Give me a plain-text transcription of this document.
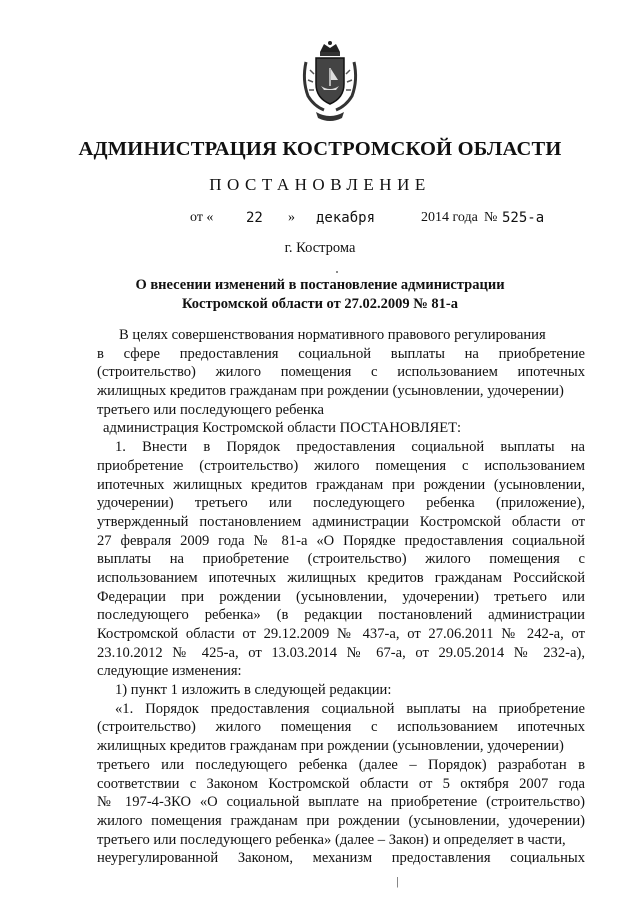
АДМИНИСТРАЦИЯ КОСТРОМСКОЙ ОБЛАСТИ
ПОСТАНОВЛЕНИЕ
от « 22 » декабря	2014 года № 525-а
г. Кострома
О внесении изменений в постановление администрации
Костромской области от 27.02.2009 № 81-а
В целях совершенствования нормативного правового регулирования
в сфере предоставления социальной выплаты на приобретение
(строительство) жилого помещения с использованием ипотечных
жилищных кредитов гражданам при рождении (усыновлении, удочерении)
третьего или последующего ребенка
администрация Костромской области ПОСТАНОВЛЯЕТ:
1. Внести в Порядок предоставления социальной выплаты на
приобретение (строительство) жилого помещения с использованием
ипотечных жилищных кредитов гражданам при рождении (усыновлении,
удочерении) третьего или последующего ребенка (приложение),
утвержденный постановлением администрации Костромской области от
27 февраля 2009 года № 81-а «О Порядке предоставления социальной
выплаты на приобретение (строительство) жилого помещения с
использованием ипотечных жилищных кредитов гражданам Российской
Федерации при рождении (усыновлении, удочерении) третьего или
последующего ребенка» (в редакции постановлений администрации
Костромской области от 29.12.2009 № 437-а, от 27.06.2011 № 242-а, от
23.10.2012 № 425-а, от 13.03.2014 № 67-а, от 29.05.2014 № 232-а),
следующие изменения:
1) пункт 1 изложить в следующей редакции:
«1. Порядок предоставления социальной выплаты на приобретение
(строительство) жилого помещения с использованием ипотечных
жилищных кредитов гражданам при рождении (усыновлении, удочерении)
третьего или последующего ребенка (далее – Порядок) разработан в
соответствии с Законом Костромской области от 5 октября 2007 года
№ 197-4-ЗКО «О социальной выплате на приобретение (строительство)
жилого помещения гражданам при рождении (усыновлении, удочерении)
третьего или последующего ребенка» (далее – Закон) и определяет в части,
неурегулированной Законом, механизм предоставления социальных
|
